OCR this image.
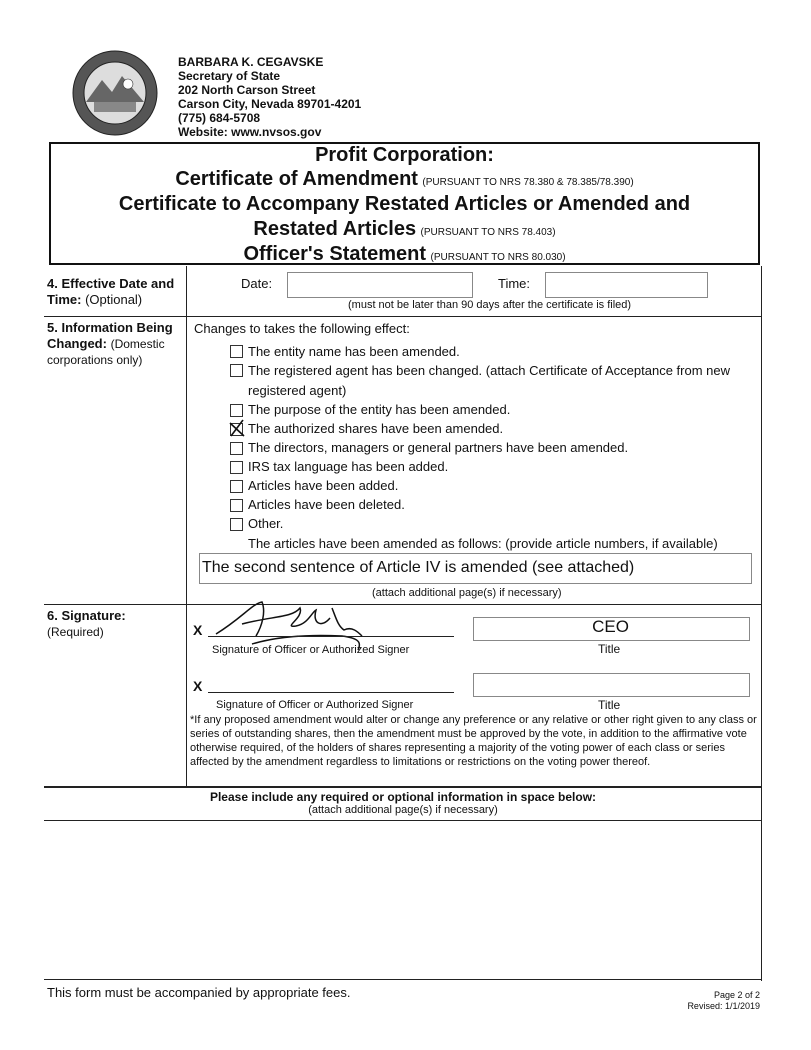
BARBARA K. CEGAVSKE
Secretary of State
202 North Carson Street
Carson City, Nevada 89701-4201
(775) 684-5708
Website: www.nvsos.gov
Profit Corporation:
Certificate of Amendment (PURSUANT TO NRS 78.380 & 78.385/78.390)
Certificate to Accompany Restated Articles or Amended and
Restated Articles (PURSUANT TO NRS 78.403)
Officer's Statement (PURSUANT TO NRS 80.030)
4. Effective Date and
Time: (Optional)
Date:	Time:
(must not be later than 90 days after the certificate is filed)
5. Information Being
Changed: (Domestic
corporations only)
Changes to takes the following effect:
The entity name has been amended.
The registered agent has been changed. (attach Certificate of Acceptance from new
registered agent)
The purpose of the entity has been amended.
The authorized shares have been amended.
The directors, managers or general partners have been amended.
IRS tax language has been added.
Articles have been added.
Articles have been deleted.
Other.
The articles have been amended as follows: (provide article numbers, if available)
The second sentence of Article IV is amended (see attached)
(attach additional page(s) if necessary)
6. Signature:
(Required)	X
Signature of Officer or Authorized Signer
CEO
Title
X
Signature of Officer or Authorized Signer	Title
*If any proposed amendment would alter or change any preference or any relative or other right given to any class or series of outstanding shares, then the amendment must be approved by the vote, in addition to the affirmative vote otherwise required, of the holders of shares representing a majority of the voting power of each class or series affected by the amendment regardless to limitations or restrictions on the voting power thereof.
Please include any required or optional information in space below:
(attach additional page(s) if necessary)
This form must be accompanied by appropriate fees.	Page 2 of 2
Revised: 1/1/2019
